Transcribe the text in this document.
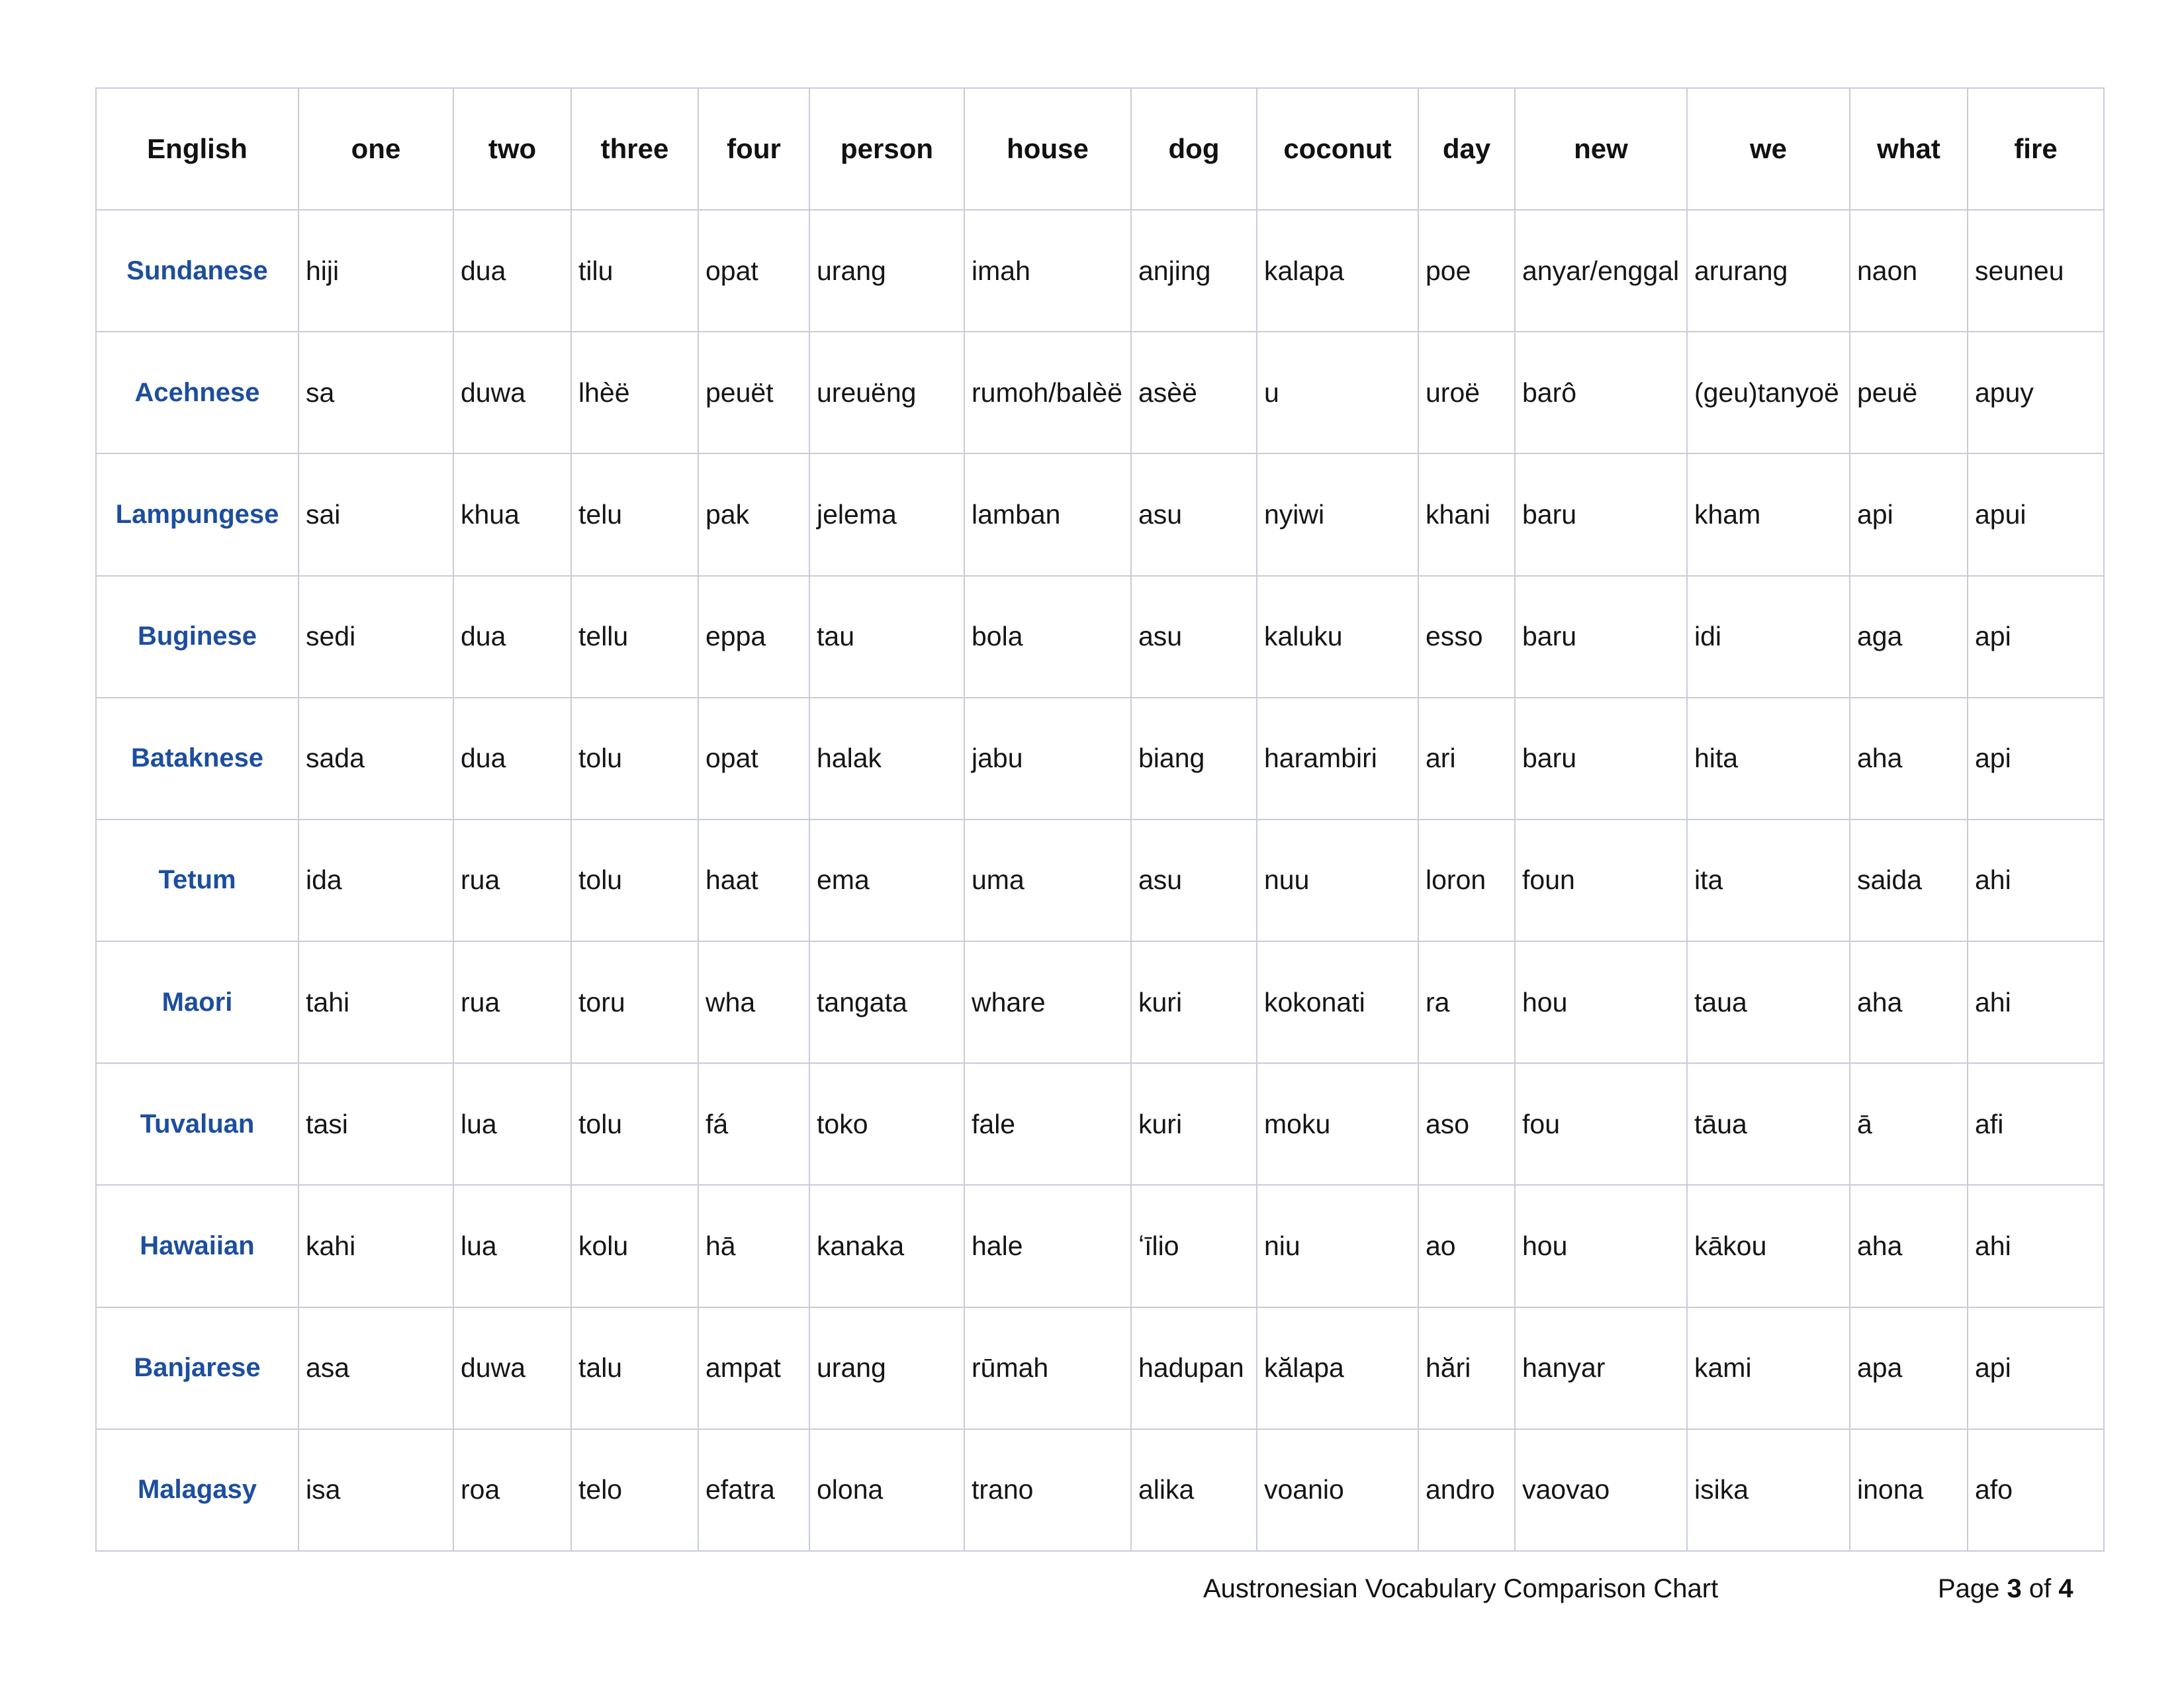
English	one	two	three	four	person	house	dog	coconut	day	new	we	what	fire
Sundanese	hiji	dua	tilu	opat	urang	imah	anjing	kalapa	poe	anyar/enggal	arurang	naon	seuneu
Acehnese	sa	duwa	lhèë	peuët	ureuëng	rumoh/balèë	asèë	u	uroë	barô	(geu)tanyoë	peuë	apuy
Lampungese	sai	khua	telu	pak	jelema	lamban	asu	nyiwi	khani	baru	kham	api	apui
Buginese	sedi	dua	tellu	eppa	tau	bola	asu	kaluku	esso	baru	idi	aga	api
Bataknese	sada	dua	tolu	opat	halak	jabu	biang	harambiri	ari	baru	hita	aha	api
Tetum	ida	rua	tolu	haat	ema	uma	asu	nuu	loron	foun	ita	saida	ahi
Maori	tahi	rua	toru	wha	tangata	whare	kuri	kokonati	ra	hou	taua	aha	ahi
Tuvaluan	tasi	lua	tolu	fá	toko	fale	kuri	moku	aso	fou	tāua	ā	afi
Hawaiian	kahi	lua	kolu	hā	kanaka	hale	ʻīlio	niu	ao	hou	kākou	aha	ahi
Banjarese	asa	duwa	talu	ampat	urang	rūmah	hadupan	kălapa	hări	hanyar	kami	apa	api
Malagasy	isa	roa	telo	efatra	olona	trano	alika	voanio	andro	vaovao	isika	inona	afo
Austronesian Vocabulary Comparison Chart	Page 3 of 4
